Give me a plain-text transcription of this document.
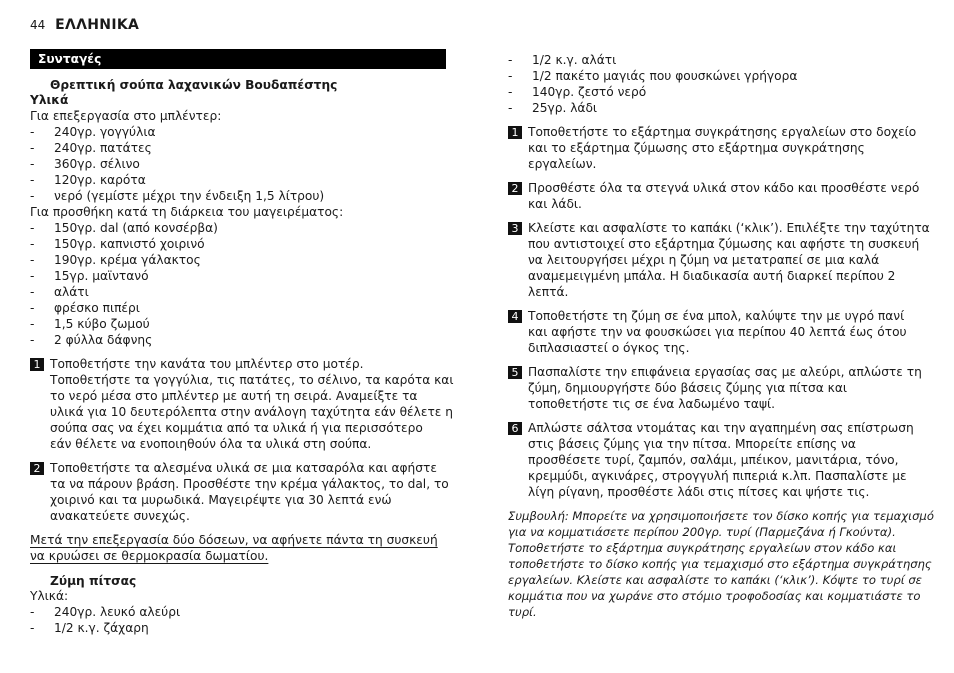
44 ΕΛΛΗΝΙΚΑ
Συνταγές
Θρεπτική σούπα λαχανικών Βουδαπέστης
Υλικά
Για επεξεργασία στο μπλέντερ:
- 240γρ. γογγύλια
- 240γρ. πατάτες
- 360γρ. σέλινο
- 120γρ. καρότα
- νερό (γεμίστε μέχρι την ένδειξη 1,5 λίτρου)
Για προσθήκη κατά τη διάρκεια του μαγειρέματος:
- 150γρ. dal (από κονσέρβα)
- 150γρ. καπνιστό χοιρινό
- 190γρ. κρέμα γάλακτος
- 15γρ. μαϊντανό
- αλάτι
- φρέσκο πιπέρι
- 1,5 κύβο ζωμού
- 2 φύλλα δάφνης
1 Τοποθετήστε την κανάτα του μπλέντερ στο μοτέρ.
Τοποθετήστε τα γογγύλια, τις πατάτες, το σέλινο, τα καρότα και
το νερό μέσα στο μπλέντερ με αυτή τη σειρά. Αναμείξτε τα
υλικά για 10 δευτερόλεπτα στην ανάλογη ταχύτητα εάν θέλετε η
σούπα σας να έχει κομμάτια από τα υλικά ή για περισσότερο
εάν θέλετε να ενοποιηθούν όλα τα υλικά στη σούπα.
2 Τοποθετήστε τα αλεσμένα υλικά σε μια κατσαρόλα και αφήστε
τα να πάρουν βράση. Προσθέστε την κρέμα γάλακτος, το dal, το
χοιρινό και τα μυρωδικά. Μαγειρέψτε για 30 λεπτά ενώ
ανακατεύετε συνεχώς.
Μετά την επεξεργασία δύο δόσεων, να αφήνετε πάντα τη συσκευή
να κρυώσει σε θερμοκρασία δωματίου.
Ζύμη πίτσας
Υλικά:
- 240γρ. λευκό αλεύρι
- 1/2 κ.γ. ζάχαρη
- 1/2 κ.γ. αλάτι
- 1/2 πακέτο μαγιάς που φουσκώνει γρήγορα
- 140γρ. ζεστό νερό
- 25γρ. λάδι
1 Τοποθετήστε το εξάρτημα συγκράτησης εργαλείων στο δοχείο
και το εξάρτημα ζύμωσης στο εξάρτημα συγκράτησης
εργαλείων.
2 Προσθέστε όλα τα στεγνά υλικά στον κάδο και προσθέστε νερό
και λάδι.
3 Κλείστε και ασφαλίστε το καπάκι (‘κλικ’). Επιλέξτε την ταχύτητα
που αντιστοιχεί στο εξάρτημα ζύμωσης και αφήστε τη συσκευή
να λειτουργήσει μέχρι η ζύμη να μετατραπεί σε μια καλά
αναμεμειγμένη μπάλα. Η διαδικασία αυτή διαρκεί περίπου 2
λεπτά.
4 Τοποθετήστε τη ζύμη σε ένα μπολ, καλύψτε την με υγρό πανί
και αφήστε την να φουσκώσει για περίπου 40 λεπτά έως ότου
διπλασιαστεί ο όγκος της.
5 Πασπαλίστε την επιφάνεια εργασίας σας με αλεύρι, απλώστε τη
ζύμη, δημιουργήστε δύο βάσεις ζύμης για πίτσα και
τοποθετήστε τις σε ένα λαδωμένο ταψί.
6 Απλώστε σάλτσα ντομάτας και την αγαπημένη σας επίστρωση
στις βάσεις ζύμης για την πίτσα. Μπορείτε επίσης να
προσθέσετε τυρί, ζαμπόν, σαλάμι, μπέικον, μανιτάρια, τόνο,
κρεμμύδι, αγκινάρες, στρογγυλή πιπεριά κ.λπ. Πασπαλίστε με
λίγη ρίγανη, προσθέστε λάδι στις πίτσες και ψήστε τις.
Συμβουλή: Μπορείτε να χρησιμοποιήσετε τον δίσκο κοπής για τεμαχισμό
για να κομματιάσετε περίπου 200γρ. τυρί (Παρμεζάνα ή Γκούντα).
Τοποθετήστε το εξάρτημα συγκράτησης εργαλείων στον κάδο και
τοποθετήστε το δίσκο κοπής για τεμαχισμό στο εξάρτημα συγκράτησης
εργαλείων. Κλείστε και ασφαλίστε το καπάκι (‘κλικ’). Κόψτε το τυρί σε
κομμάτια που να χωράνε στο στόμιο τροφοδοσίας και κομματιάστε το
τυρί.
